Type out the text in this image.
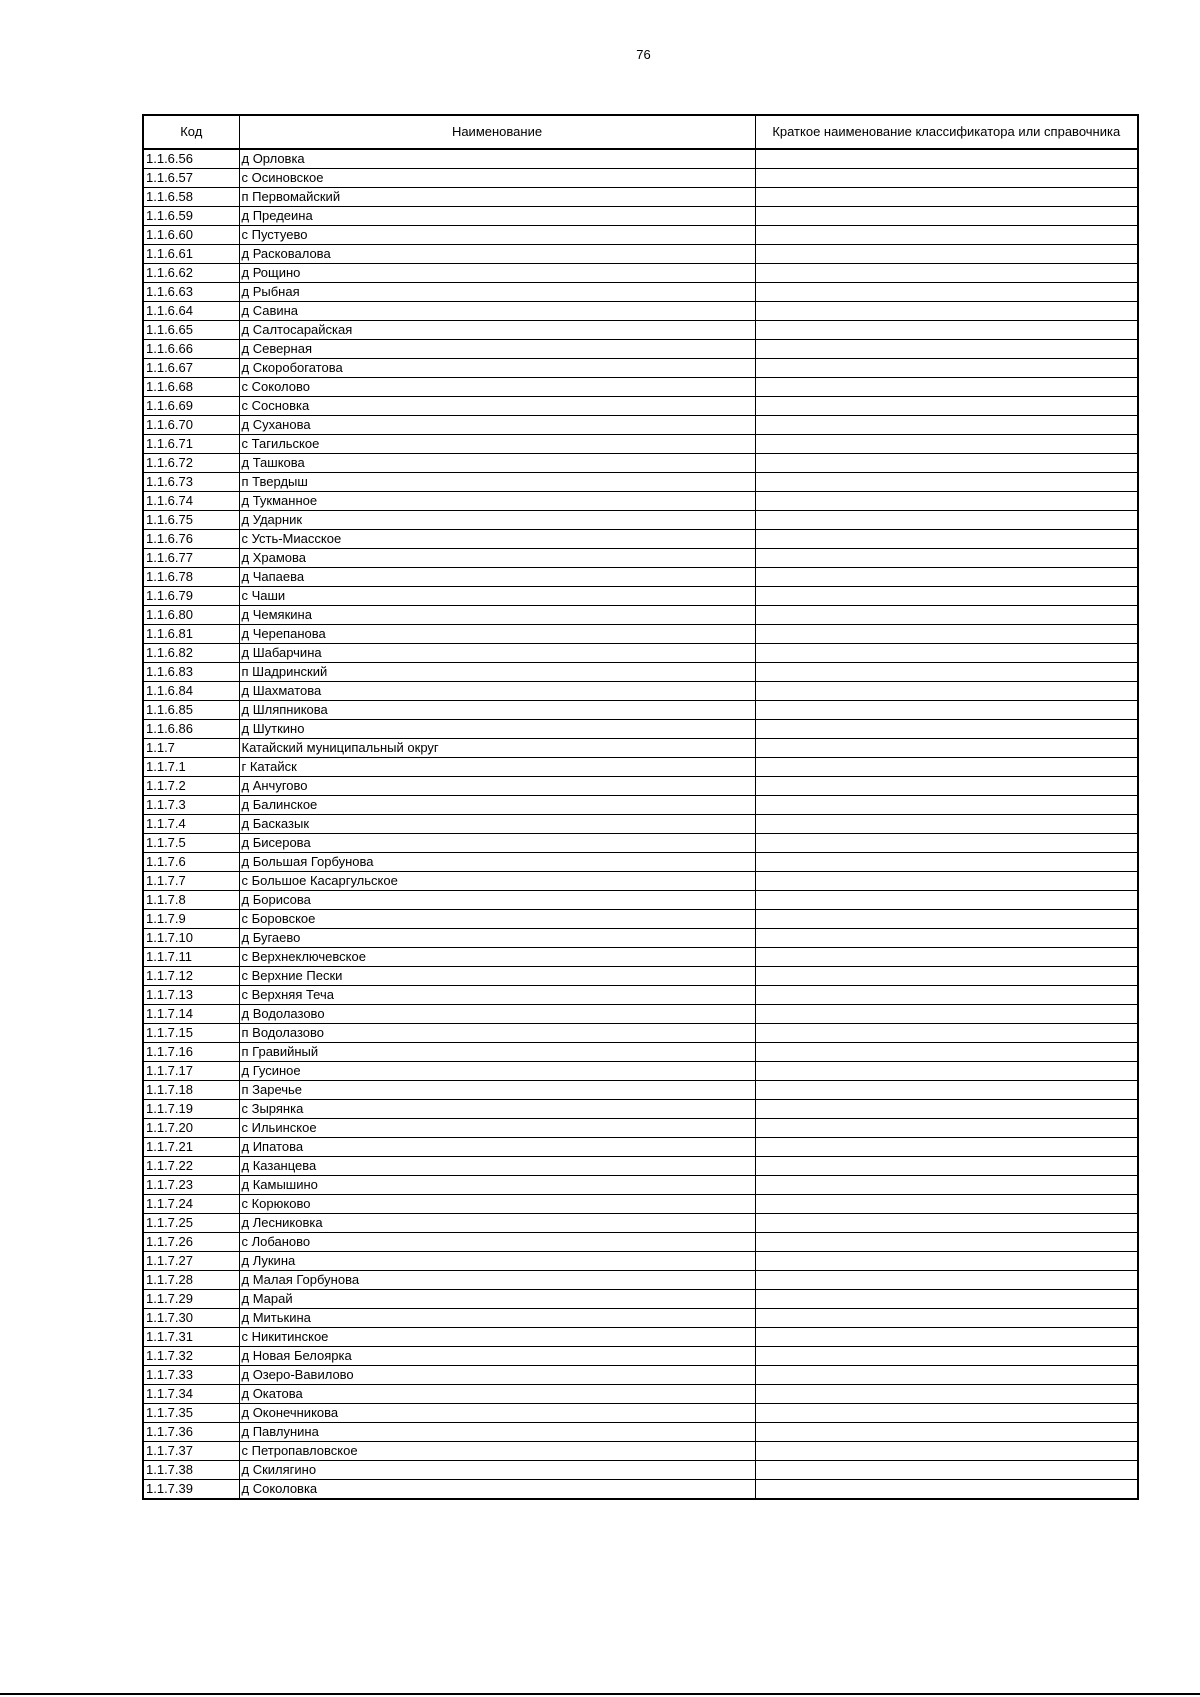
76
Код	Наименование	Краткое наименование классификатора или справочника
1.1.6.56	д Орловка	
1.1.6.57	с Осиновское	
1.1.6.58	п Первомайский	
1.1.6.59	д Предеина	
1.1.6.60	с Пустуево	
1.1.6.61	д Расковалова	
1.1.6.62	д Рощино	
1.1.6.63	д Рыбная	
1.1.6.64	д Савина	
1.1.6.65	д Салтосарайская	
1.1.6.66	д Северная	
1.1.6.67	д Скоробогатова	
1.1.6.68	с Соколово	
1.1.6.69	с Сосновка	
1.1.6.70	д Суханова	
1.1.6.71	с Тагильское	
1.1.6.72	д Ташкова	
1.1.6.73	п Твердыш	
1.1.6.74	д Тукманное	
1.1.6.75	д Ударник	
1.1.6.76	с Усть-Миасское	
1.1.6.77	д Храмова	
1.1.6.78	д Чапаева	
1.1.6.79	с Чаши	
1.1.6.80	д Чемякина	
1.1.6.81	д Черепанова	
1.1.6.82	д Шабарчина	
1.1.6.83	п Шадринский	
1.1.6.84	д Шахматова	
1.1.6.85	д Шляпникова	
1.1.6.86	д Шуткино	
1.1.7	Катайский муниципальный округ	
1.1.7.1	г Катайск	
1.1.7.2	д Анчугово	
1.1.7.3	д Балинское	
1.1.7.4	д Басказык	
1.1.7.5	д Бисерова	
1.1.7.6	д Большая Горбунова	
1.1.7.7	с Большое Касаргульское	
1.1.7.8	д Борисова	
1.1.7.9	с Боровское	
1.1.7.10	д Бугаево	
1.1.7.11	с Верхнеключевское	
1.1.7.12	с Верхние Пески	
1.1.7.13	с Верхняя Теча	
1.1.7.14	д Водолазово	
1.1.7.15	п Водолазово	
1.1.7.16	п Гравийный	
1.1.7.17	д Гусиное	
1.1.7.18	п Заречье	
1.1.7.19	с Зырянка	
1.1.7.20	с Ильинское	
1.1.7.21	д Ипатова	
1.1.7.22	д Казанцева	
1.1.7.23	д Камышино	
1.1.7.24	с Корюково	
1.1.7.25	д Лесниковка	
1.1.7.26	с Лобаново	
1.1.7.27	д Лукина	
1.1.7.28	д Малая Горбунова	
1.1.7.29	д Марай	
1.1.7.30	д Митькина	
1.1.7.31	с Никитинское	
1.1.7.32	д Новая Белоярка	
1.1.7.33	д Озеро-Вавилово	
1.1.7.34	д Окатова	
1.1.7.35	д Оконечникова	
1.1.7.36	д Павлунина	
1.1.7.37	с Петропавловское	
1.1.7.38	д Скилягино	
1.1.7.39	д Соколовка	
